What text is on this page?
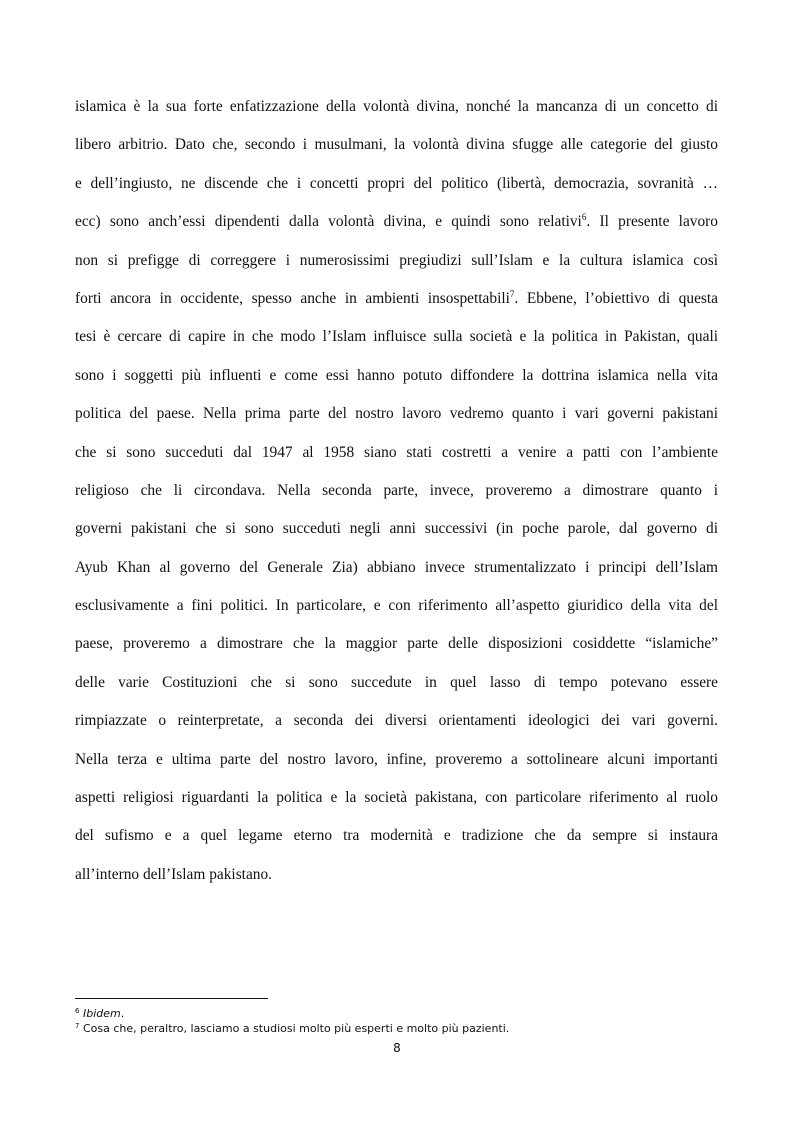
islamica è la sua forte enfatizzazione della volontà divina, nonché la mancanza di un concetto di
libero arbitrio. Dato che, secondo i musulmani, la volontà divina sfugge alle categorie del giusto
e dell’ingiusto, ne discende che i concetti propri del politico (libertà, democrazia, sovranità …
ecc) sono anch’essi dipendenti dalla volontà divina, e quindi sono relativi$^6$. Il presente lavoro
non si prefigge di correggere i numerosissimi pregiudizi sull’Islam e la cultura islamica così
forti ancora in occidente, spesso anche in ambienti insospettabili$^7$. Ebbene, l’obiettivo di questa
tesi è cercare di capire in che modo l’Islam influisce sulla società e la politica in Pakistan, quali
sono i soggetti più influenti e come essi hanno potuto diffondere la dottrina islamica nella vita
politica del paese. Nella prima parte del nostro lavoro vedremo quanto i vari governi pakistani
che si sono succeduti dal 1947 al 1958 siano stati costretti a venire a patti con l’ambiente
religioso che li circondava. Nella seconda parte, invece, proveremo a dimostrare quanto i
governi pakistani che si sono succeduti negli anni successivi (in poche parole, dal governo di
Ayub Khan al governo del Generale Zia) abbiano invece strumentalizzato i principi dell’Islam
esclusivamente a fini politici. In particolare, e con riferimento all’aspetto giuridico della vita del
paese, proveremo a dimostrare che la maggior parte delle disposizioni cosiddette “islamiche”
delle varie Costituzioni che si sono succedute in quel lasso di tempo potevano essere
rimpiazzate o reinterpretate, a seconda dei diversi orientamenti ideologici dei vari governi.
Nella terza e ultima parte del nostro lavoro, infine, proveremo a sottolineare alcuni importanti
aspetti religiosi riguardanti la politica e la società pakistana, con particolare riferimento al ruolo
del sufismo e a quel legame eterno tra modernità e tradizione che da sempre si instaura
all’interno dell’Islam pakistano.
$^6$ Ibidem.
$^7$ Cosa che, peraltro, lasciamo a studiosi molto più esperti e molto più pazienti.
8
